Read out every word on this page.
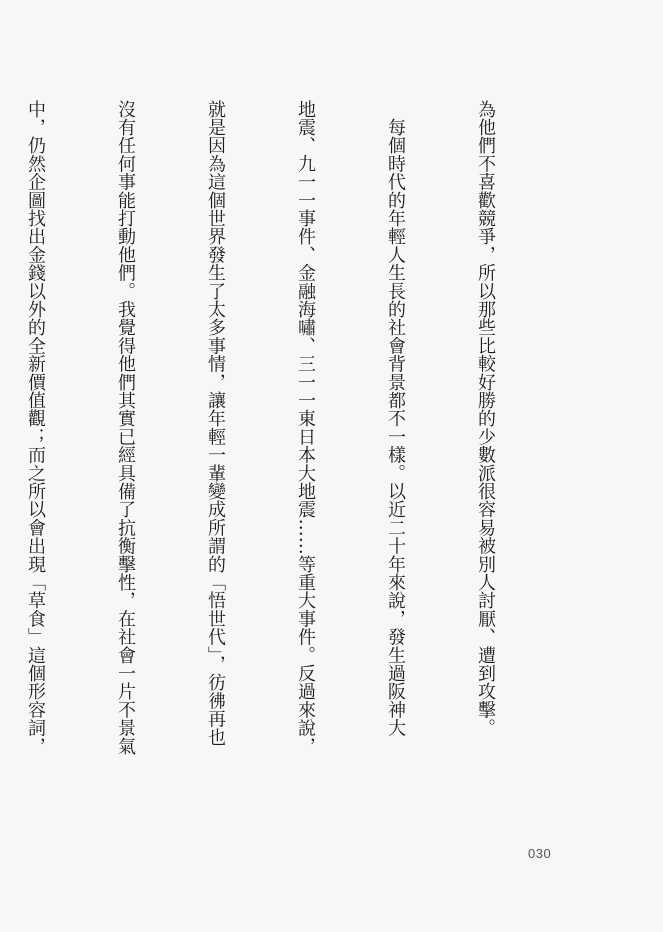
為他們不喜歡競爭，所以那些比較好勝的少數派很容易被別人討厭、遭到攻擊。

　每個時代的年輕人生長的社會背景都不一樣。以近二十年來說，發生過阪神大

地震、九一一事件、金融海嘯、三一一東日本大地震……等重大事件。反過來說，

就是因為這個世界發生了太多事情，讓年輕一輩變成所謂的「悟世代」，彷彿再也

沒有任何事能打動他們。我覺得他們其實已經具備了抗衡擊性，在社會一片不景氣

中，仍然企圖找出金錢以外的全新價值觀；而之所以會出現「草食」這個形容詞，

030
